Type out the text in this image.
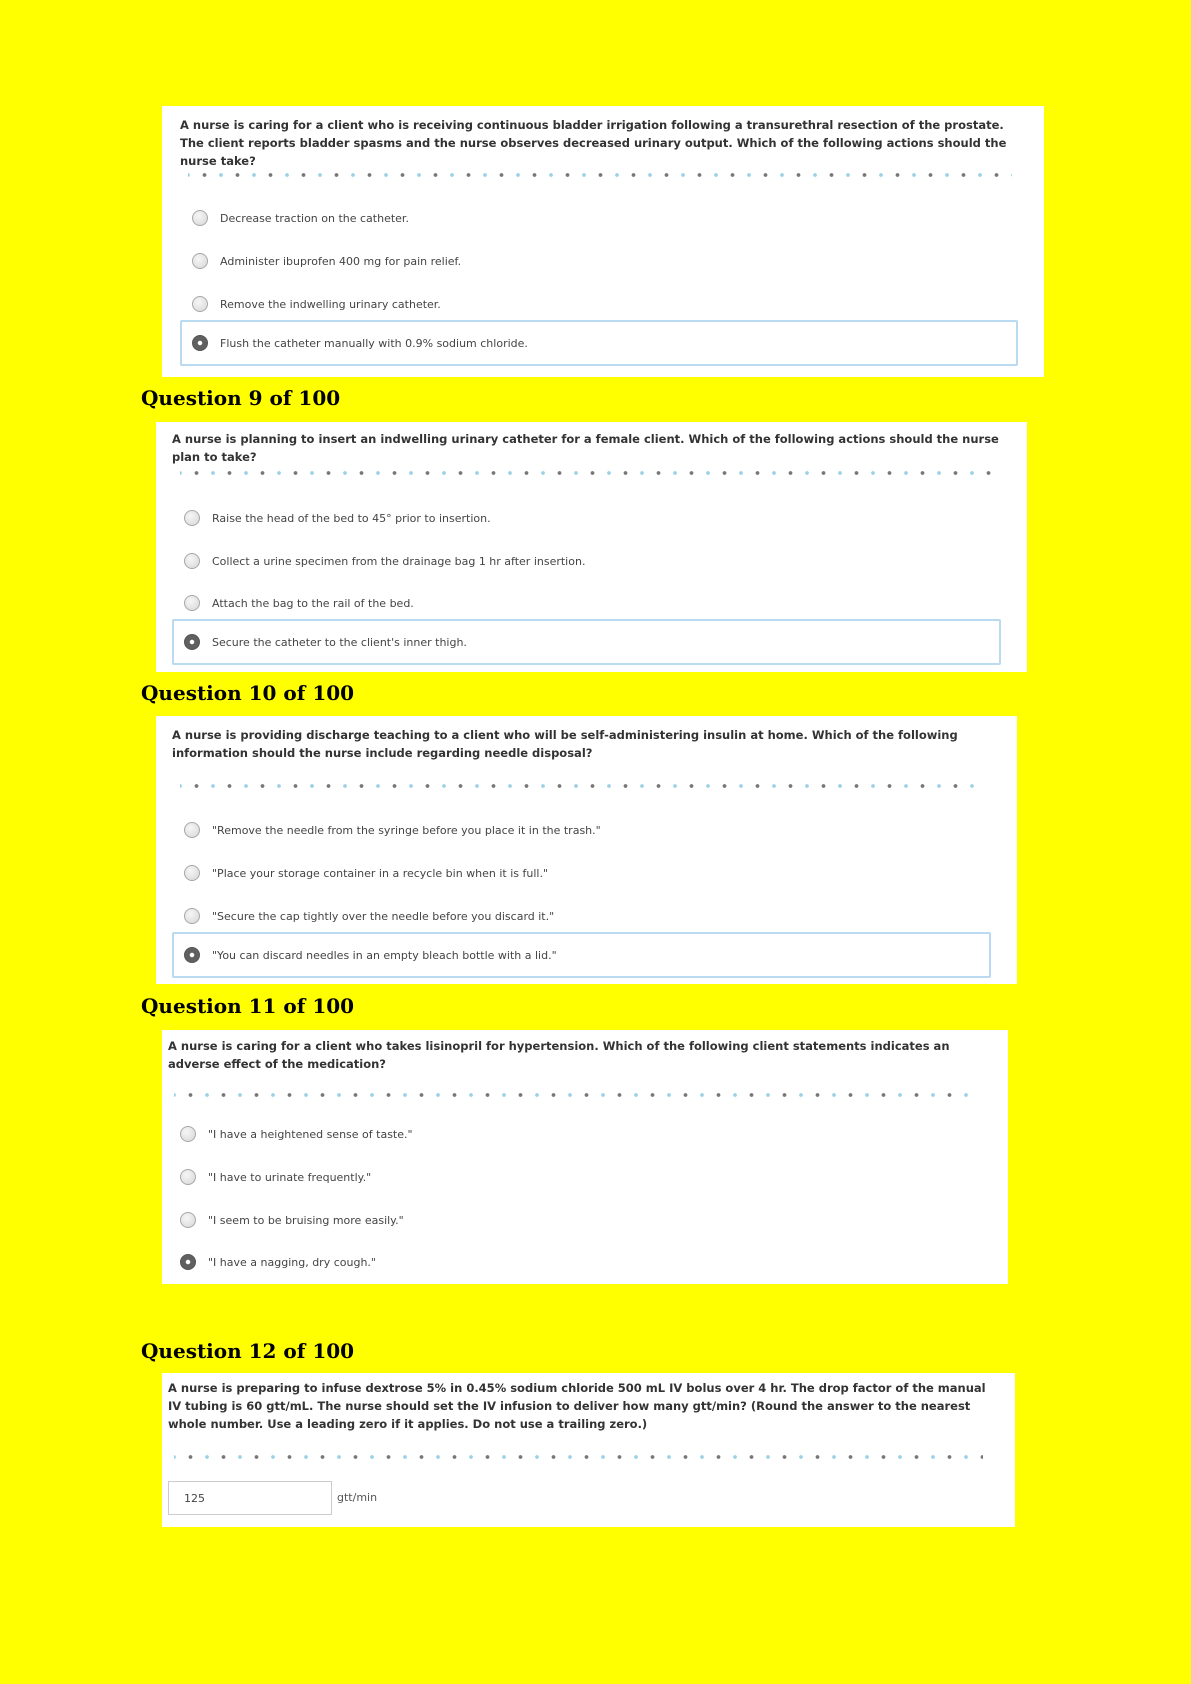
A nurse is caring for a client who is receiving continuous bladder irrigation following a transurethral resection of the prostate. The client reports bladder spasms and the nurse observes decreased urinary output. Which of the following actions should the nurse take?
Decrease traction on the catheter.
Administer ibuprofen 400 mg for pain relief.
Remove the indwelling urinary catheter.
Flush the catheter manually with 0.9% sodium chloride.
Question 9 of 100
A nurse is planning to insert an indwelling urinary catheter for a female client. Which of the following actions should the nurse plan to take?
Raise the head of the bed to 45° prior to insertion.
Collect a urine specimen from the drainage bag 1 hr after insertion.
Attach the bag to the rail of the bed.
Secure the catheter to the client's inner thigh.
Question 10 of 100
A nurse is providing discharge teaching to a client who will be self-administering insulin at home. Which of the following information should the nurse include regarding needle disposal?
"Remove the needle from the syringe before you place it in the trash."
"Place your storage container in a recycle bin when it is full."
"Secure the cap tightly over the needle before you discard it."
"You can discard needles in an empty bleach bottle with a lid."
Question 11 of 100
A nurse is caring for a client who takes lisinopril for hypertension. Which of the following client statements indicates an adverse effect of the medication?
"I have a heightened sense of taste."
"I have to urinate frequently."
"I seem to be bruising more easily."
"I have a nagging, dry cough."
Question 12 of 100
A nurse is preparing to infuse dextrose 5% in 0.45% sodium chloride 500 mL IV bolus over 4 hr. The drop factor of the manual IV tubing is 60 gtt/mL. The nurse should set the IV infusion to deliver how many gtt/min? (Round the answer to the nearest whole number. Use a leading zero if it applies. Do not use a trailing zero.)
125
gtt/min
